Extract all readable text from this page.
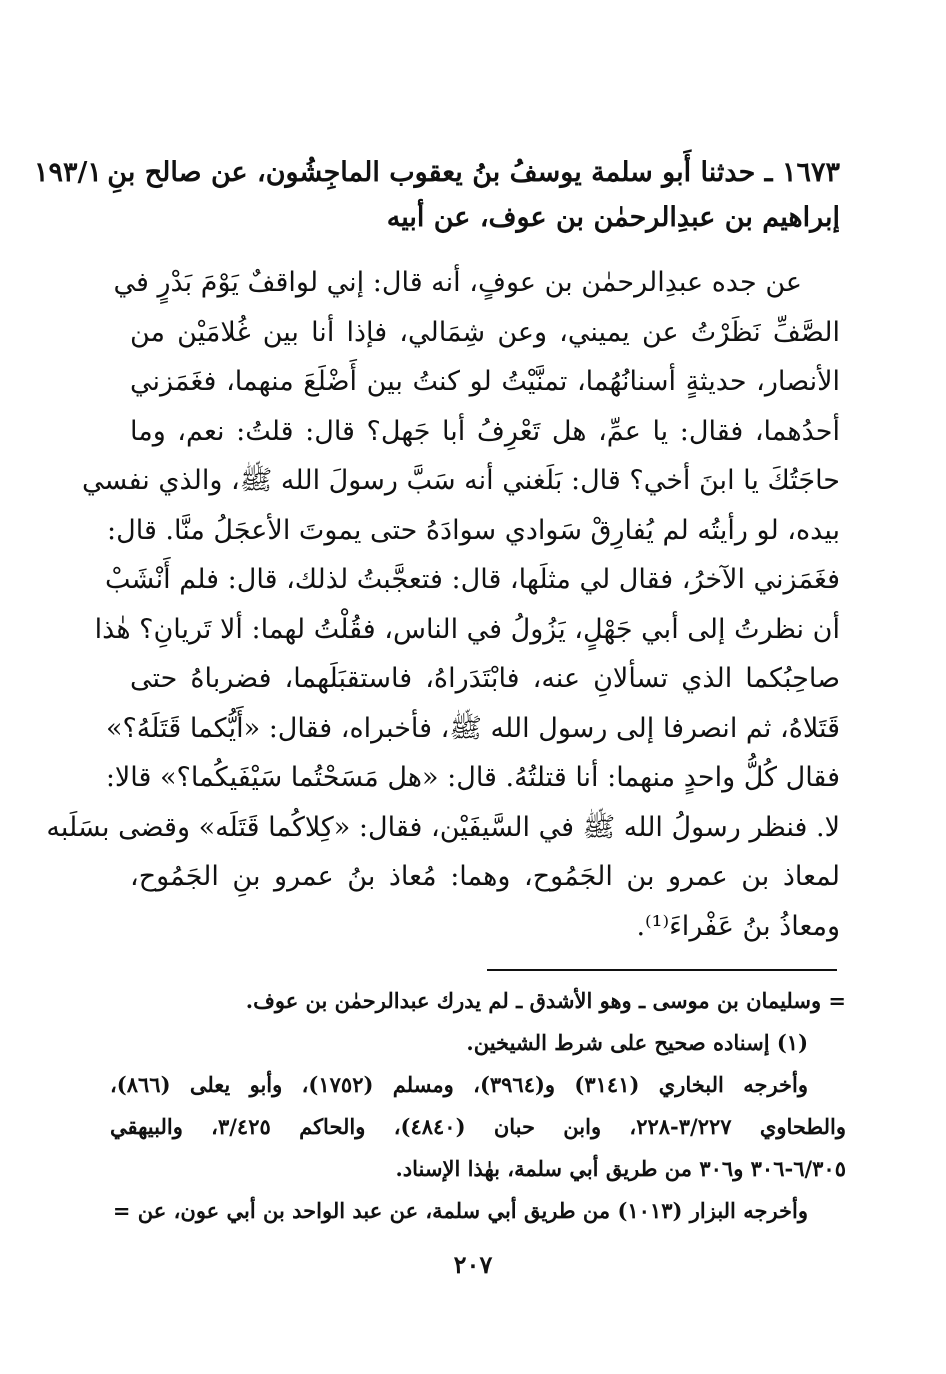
١٩٣/١ ١٦٧٣ ـ حدثنا أَبو سلمة يوسفُ بنُ يعقوب الماجِشُون، عن صالح بنِ
إبراهيم بن عبدِالرحمٰن بن عوف، عن أبيه
عن جده عبدِالرحمٰن بن عوفٍ، أنه قال: إني لواقفٌ يَوْمَ بَدْرٍ في
الصَّفِّ نَظَرْتُ عن يميني، وعن شِمَالي، فإذا أنا بين غُلامَيْن من
الأنصار، حديثةٍ أسنانُهُما، تمنَّيْتُ لو كنتُ بين أَضْلَعَ منهما، فغَمَزني
أحدُهما، فقال: يا عمِّ، هل تَعْرِفُ أبا جَهل؟ قال: قلتُ: نعم، وما
حاجَتُكَ يا ابنَ أخي؟ قال: بَلَغني أنه سَبَّ رسولَ الله ﷺ، والذي نفسي
بيده، لو رأيتُه لم يُفارِقْ سَوادي سوادَهُ حتى يموتَ الأعجَلُ منَّا. قال:
فغَمَزني الآخرُ، فقال لي مثلَها، قال: فتعجَّبتُ لذلك، قال: فلم أَنْشَبْ
أن نظرتُ إلى أبي جَهْلٍ، يَزُولُ في الناس، فقُلْتُ لهما: ألا تَريانِ؟ هٰذا
صاحِبُكما الذي تسألانِ عنه، فابْتَدَراهُ، فاستقبَلَهما، فضرباهُ حتى
قَتَلاهُ، ثم انصرفا إلى رسول الله ﷺ، فأخبراه، فقال: «أَيُّكما قَتَلَهُ؟»
فقال كُلُّ واحدٍ منهما: أنا قتلتُهُ. قال: «هل مَسَحْتُما سَيْفَيكُما؟» قالا:
لا. فنظر رسولُ الله ﷺ في السَّيفَيْن، فقال: «كِلاكُما قَتَلَه» وقضى بسَلَبه
لمعاذ بن عمرو بن الجَمُوح، وهما: مُعاذ بنُ عمرو بنِ الجَمُوح،
ومعاذُ بنُ عَفْراءَ⁽¹⁾.
= وسليمان بن موسى ـ وهو الأشدق ـ لم يدرك عبدالرحمٰن بن عوف.
(١) إسناده صحيح على شرط الشيخين.
وأخرجه البخاري (٣١٤١) و(٣٩٦٤)، ومسلم (١٧٥٢)، وأبو يعلى (٨٦٦)،
والطحاوي ٣/٢٢٧-٢٢٨، وابن حبان (٤٨٤٠)، والحاكم ٣/٤٢٥، والبيهقي
٦/٣٠٥-٣٠٦ و٣٠٦ من طريق أبي سلمة، بهٰذا الإسناد.
وأخرجه البزار (١٠١٣) من طريق أبي سلمة، عن عبد الواحد بن أبي عون، عن =
٢٠٧
